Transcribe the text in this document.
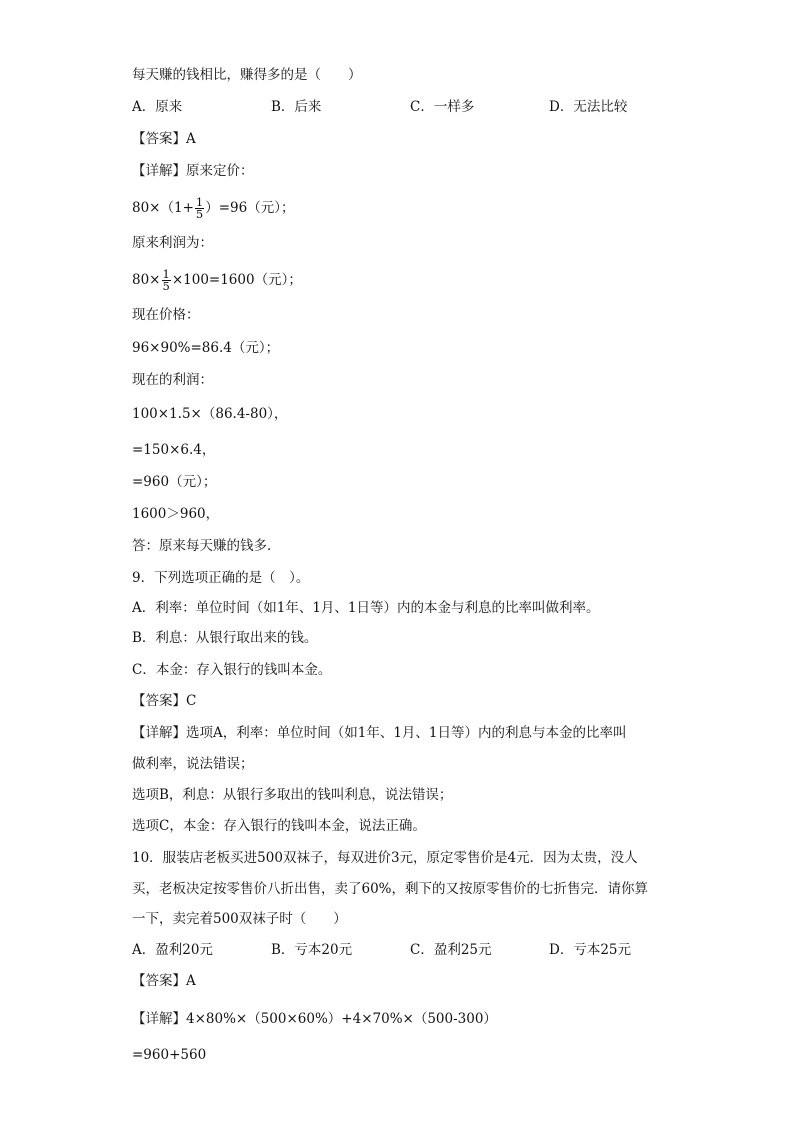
每天赚的钱相比，赚得多的是（　　）
A．原来	B．后来	C．一样多	D．无法比较
【答案】A
【详解】原来定价：
$80\times(1+ \frac{1}{5} )=96$（元）；
原来利润为：
$80\times \frac{1}{5} \times 100=1600$（元）；
现在价格：
96×90%=86.4（元）；
现在的利润：
100×1.5×（86.4-80），
=150×6.4，
=960（元）；
1600＞960，
答：原来每天赚的钱多．
9．下列选项正确的是（　）。
A．利率：单位时间（如1年、1月、1日等）内的本金与利息的比率叫做利率。
B．利息：从银行取出来的钱。
C．本金：存入银行的钱叫本金。
【答案】C
【详解】选项A，利率：单位时间（如1年、1月、1日等）内的利息与本金的比率叫
做利率，说法错误；
选项B，利息：从银行多取出的钱叫利息，说法错误；
选项C，本金：存入银行的钱叫本金，说法正确。
10．服装店老板买进500双袜子，每双进价3元，原定零售价是4元．因为太贵，没人
买，老板决定按零售价八折出售，卖了60%，剩下的又按原零售价的七折售完．请你算
一下，卖完着500双袜子时（　　）
A．盈利20元	B．亏本20元	C．盈利25元	D．亏本25元
【答案】A
【详解】4×80%×（500×60%）+4×70%×（500-300）
=960+560
